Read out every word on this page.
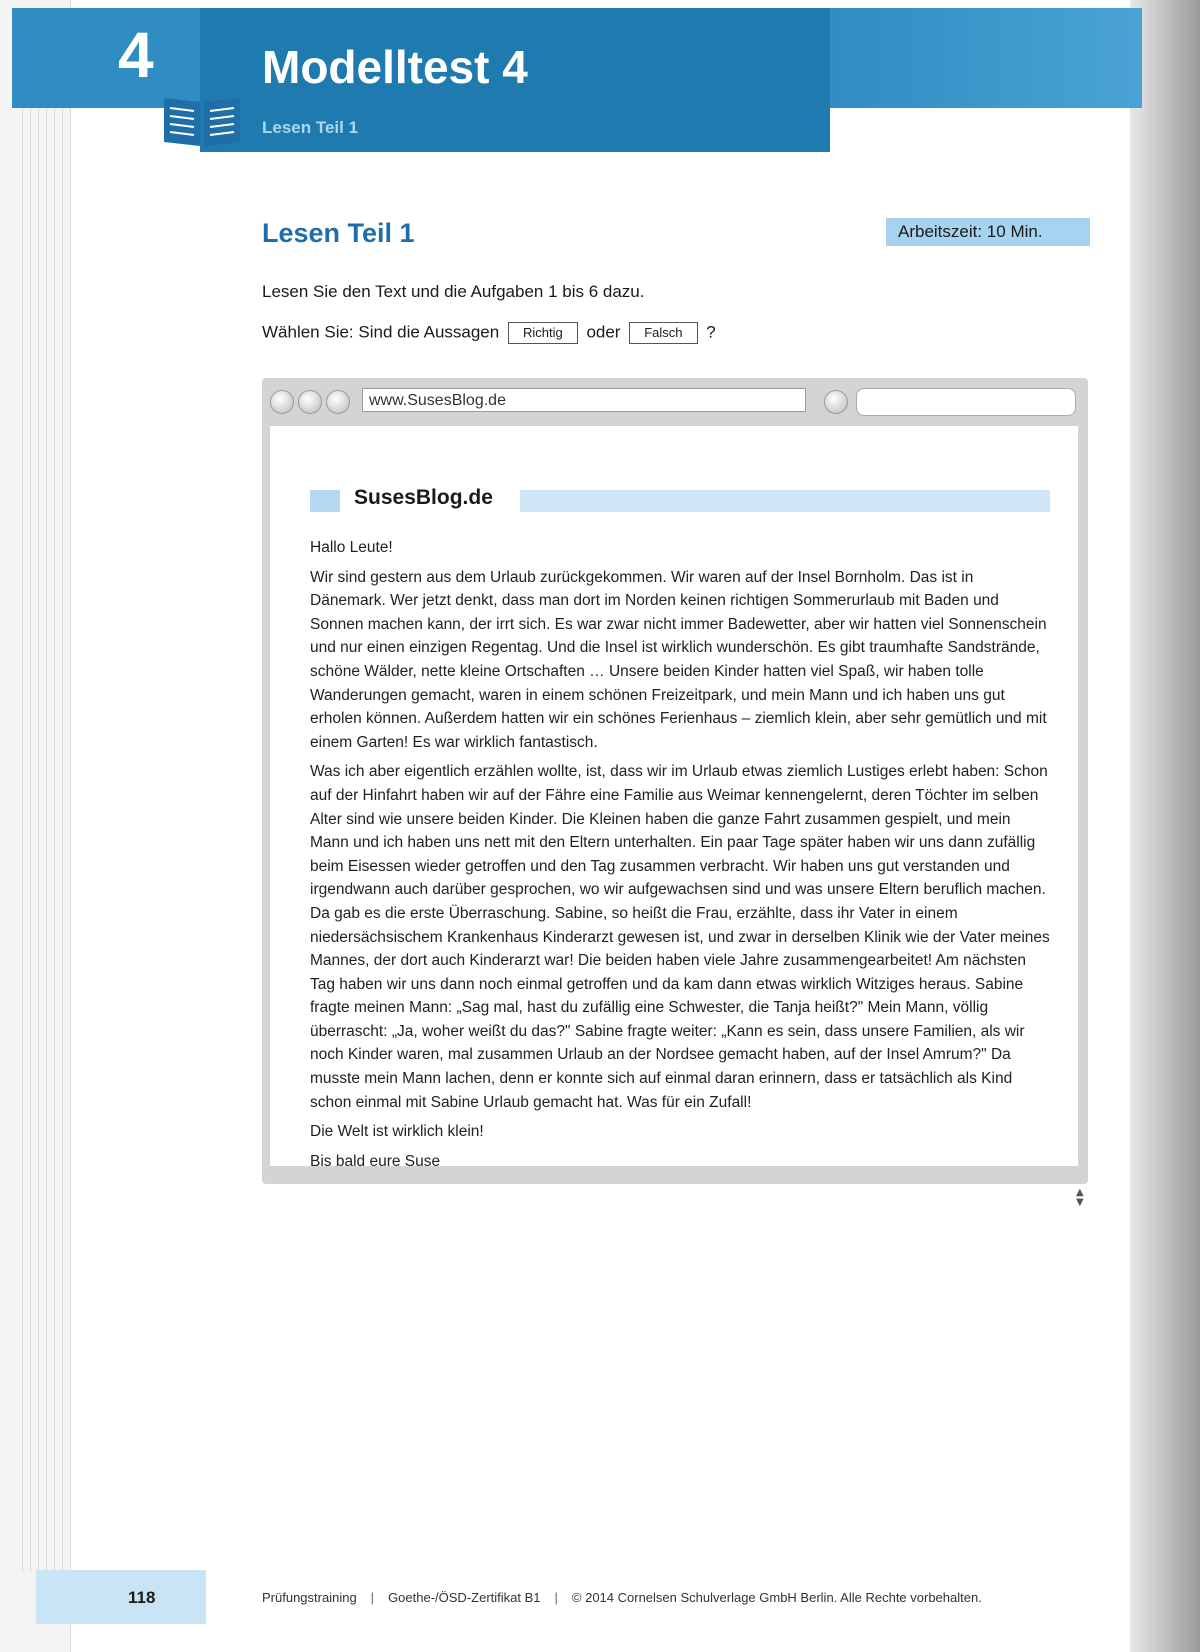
4 Modelltest 4
Lesen Teil 1
Lesen Teil 1	Arbeitszeit: 10 Min.
Lesen Sie den Text und die Aufgaben 1 bis 6 dazu.
Wählen Sie: Sind die Aussagen Richtig oder Falsch ?
www.SusesBlog.de
SusesBlog.de

Hallo Leute!

Wir sind gestern aus dem Urlaub zurückgekommen. Wir waren auf der Insel Bornholm. Das ist in Dänemark. Wer jetzt denkt, dass man dort im Norden keinen richtigen Sommerurlaub mit Baden und Sonnen machen kann, der irrt sich. Es war zwar nicht immer Badewetter, aber wir hatten viel Sonnenschein und nur einen einzigen Regentag. Und die Insel ist wirklich wunderschön. Es gibt traumhafte Sandstrände, schöne Wälder, nette kleine Ortschaften … Unsere beiden Kinder hatten viel Spaß, wir haben tolle Wanderungen gemacht, waren in einem schönen Freizeitpark, und mein Mann und ich haben uns gut erholen können. Außerdem hatten wir ein schönes Ferienhaus – ziemlich klein, aber sehr gemütlich und mit einem Garten! Es war wirklich fantastisch.

Was ich aber eigentlich erzählen wollte, ist, dass wir im Urlaub etwas ziemlich Lustiges erlebt haben: Schon auf der Hinfahrt haben wir auf der Fähre eine Familie aus Weimar kennengelernt, deren Töchter im selben Alter sind wie unsere beiden Kinder. Die Kleinen haben die ganze Fahrt zusammen gespielt, und mein Mann und ich haben uns nett mit den Eltern unterhalten. Ein paar Tage später haben wir uns dann zufällig beim Eisessen wieder getroffen und den Tag zusammen verbracht. Wir haben uns gut verstanden und irgendwann auch darüber gesprochen, wo wir aufgewachsen sind und was unsere Eltern beruflich machen. Da gab es die erste Überraschung. Sabine, so heißt die Frau, erzählte, dass ihr Vater in einem niedersächsischem Krankenhaus Kinderarzt gewesen ist, und zwar in derselben Klinik wie der Vater meines Mannes, der dort auch Kinderarzt war! Die beiden haben viele Jahre zusammengearbeitet! Am nächsten Tag haben wir uns dann noch einmal getroffen und da kam dann etwas wirklich Witziges heraus. Sabine fragte meinen Mann: „Sag mal, hast du zufällig eine Schwester, die Tanja heißt?" Mein Mann, völlig überrascht: „Ja, woher weißt du das?" Sabine fragte weiter: „Kann es sein, dass unsere Familien, als wir noch Kinder waren, mal zusammen Urlaub an der Nordsee gemacht haben, auf der Insel Amrum?" Da musste mein Mann lachen, denn er konnte sich auf einmal daran erinnern, dass er tatsächlich als Kind schon einmal mit Sabine Urlaub gemacht hat. Was für ein Zufall!

Die Welt ist wirklich klein!

Bis bald eure Suse

▲
▼
118	Prüfungstraining | Goethe-/ÖSD-Zertifikat B1 | © 2014 Cornelsen Schulverlage GmbH Berlin. Alle Rechte vorbehalten.
